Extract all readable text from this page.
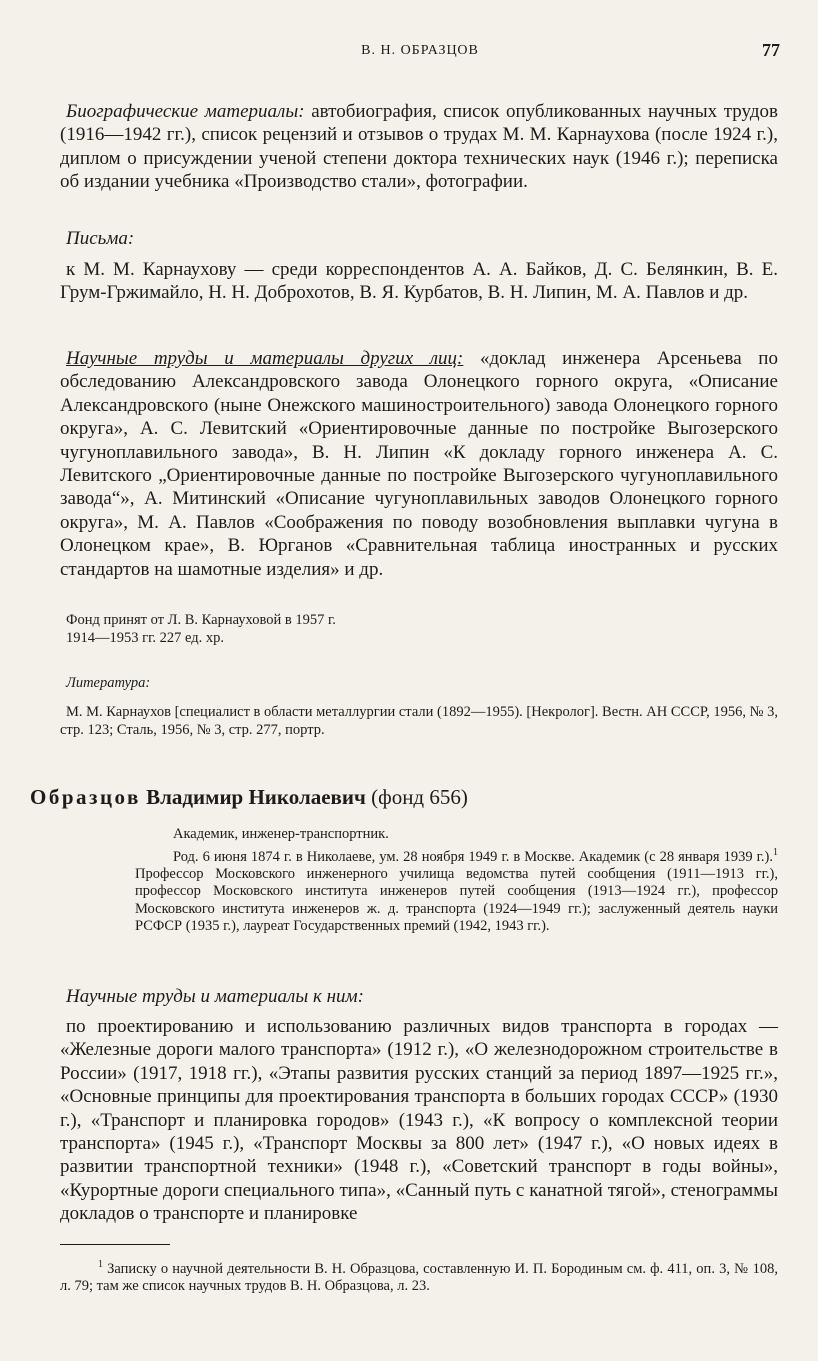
В. Н. ОБРАЗЦОВ	77

Биографические материалы: автобиография, список опубликованных научных трудов (1916—1942 гг.), список рецензий и отзывов о трудах М. М. Карнаухова (после 1924 г.), диплом о присуждении ученой степени доктора технических наук (1946 г.); переписка об издании учебника «Производство стали», фотографии.

Письма:

к М. М. Карнаухову — среди корреспондентов А. А. Байков, Д. С. Белянкин, В. Е. Грум-Гржимайло, Н. Н. Доброхотов, В. Я. Курбатов, В. Н. Липин, М. А. Павлов и др.

Научные труды и материалы других лиц: «доклад инженера Арсеньева по обследованию Александровского завода Олонецкого горного округа, «Описание Александровского (ныне Онежского машиностроительного) завода Олонецкого горного округа», А. С. Левитский «Ориентировочные данные по постройке Выгозерского чугуноплавильного завода», В. Н. Липин «К докладу горного инженера А. С. Левитского „Ориентировочные данные по постройке Выгозерского чугуноплавильного завода“», А. Митинский «Описание чугуноплавильных заводов Олонецкого горного округа», М. А. Павлов «Соображения по поводу возобновления выплавки чугуна в Олонецком крае», В. Юрганов «Сравнительная таблица иностранных и русских стандартов на шамотные изделия» и др.

Фонд принят от Л. В. Карнауховой в 1957 г.

1914—1953 гг. 227 ед. хр.

Литература:

М. М. Карнаухов [специалист в области металлургии стали (1892—1955). [Некролог]. Вестн. АН СССР, 1956, № 3, стр. 123; Сталь, 1956, № 3, стр. 277, портр.

Образцов Владимир Николаевич (фонд 656)

Академик, инженер-транспортник.

Род. 6 июня 1874 г. в Николаеве, ум. 28 ноября 1949 г. в Москве. Академик (с 28 января 1939 г.).$^1$ Профессор Московского инженерного училища ведомства путей сообщения (1911—1913 гг.), профессор Московского института инженеров путей сообщения (1913—1924 гг.), профессор Московского института инженеров ж. д. транспорта (1924—1949 гг.); заслуженный деятель науки РСФСР (1935 г.), лауреат Государственных премий (1942, 1943 гг.).

Научные труды и материалы к ним:

по проектированию и использованию различных видов транспорта в городах — «Железные дороги малого транспорта» (1912 г.), «О железнодорожном строительстве в России» (1917, 1918 гг.), «Этапы развития русских станций за период 1897—1925 гг.», «Основные принципы для проектирования транспорта в больших городах СССР» (1930 г.), «Транспорт и планировка городов» (1943 г.), «К вопросу о комплексной теории транспорта» (1945 г.), «Транспорт Москвы за 800 лет» (1947 г.), «О новых идеях в развитии транспортной техники» (1948 г.), «Советский транспорт в годы войны», «Курортные дороги специального типа», «Санный путь с канатной тягой», стенограммы докладов о транспорте и планировке

$^1$ Записку о научной деятельности В. Н. Образцова, составленную И. П. Бородиным см. ф. 411, оп. 3, № 108, л. 79; там же список научных трудов В. Н. Образцова, л. 23.
